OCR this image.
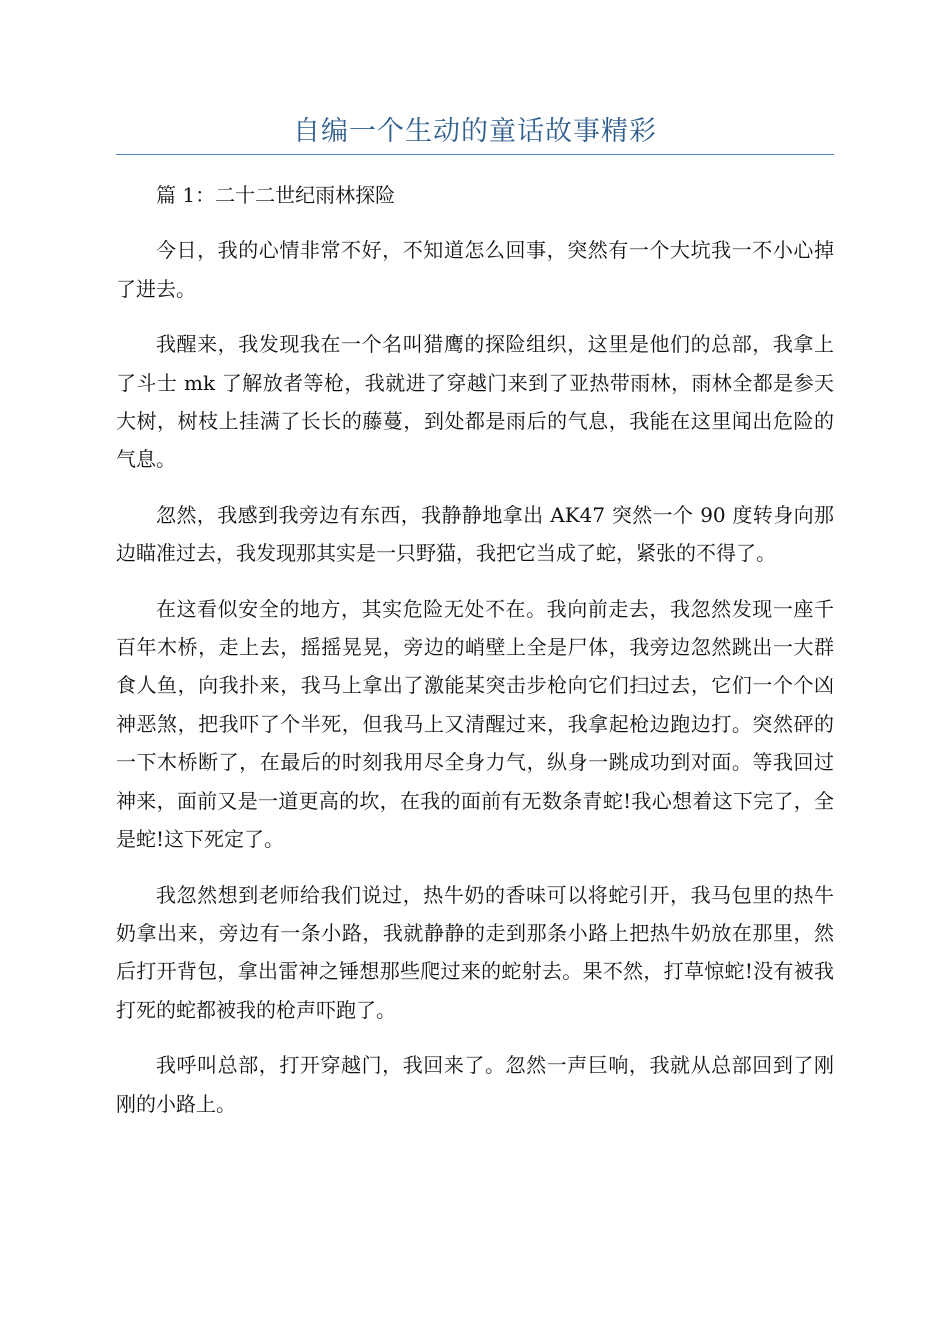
自编一个生动的童话故事精彩

篇 1：二十二世纪雨林探险

今日，我的心情非常不好，不知道怎么回事，突然有一个大坑我一不小心掉了进去。

我醒来，我发现我在一个名叫猎鹰的探险组织，这里是他们的总部，我拿上了斗士 mk 了解放者等枪，我就进了穿越门来到了亚热带雨林，雨林全都是参天大树，树枝上挂满了长长的藤蔓，到处都是雨后的气息，我能在这里闻出危险的气息。

忽然，我感到我旁边有东西，我静静地拿出 AK47 突然一个 90 度转身向那边瞄准过去，我发现那其实是一只野猫，我把它当成了蛇，紧张的不得了。

在这看似安全的地方，其实危险无处不在。我向前走去，我忽然发现一座千百年木桥，走上去，摇摇晃晃，旁边的峭壁上全是尸体，我旁边忽然跳出一大群食人鱼，向我扑来，我马上拿出了激能某突击步枪向它们扫过去，它们一个个凶神恶煞，把我吓了个半死，但我马上又清醒过来，我拿起枪边跑边打。突然砰的一下木桥断了，在最后的时刻我用尽全身力气，纵身一跳成功到对面。等我回过神来，面前又是一道更高的坎，在我的面前有无数条青蛇!我心想着这下完了，全是蛇!这下死定了。

我忽然想到老师给我们说过，热牛奶的香味可以将蛇引开，我马包里的热牛奶拿出来，旁边有一条小路，我就静静的走到那条小路上把热牛奶放在那里，然后打开背包，拿出雷神之锤想那些爬过来的蛇射去。果不然，打草惊蛇!没有被我打死的蛇都被我的枪声吓跑了。

我呼叫总部，打开穿越门，我回来了。忽然一声巨响，我就从总部回到了刚刚的小路上。
